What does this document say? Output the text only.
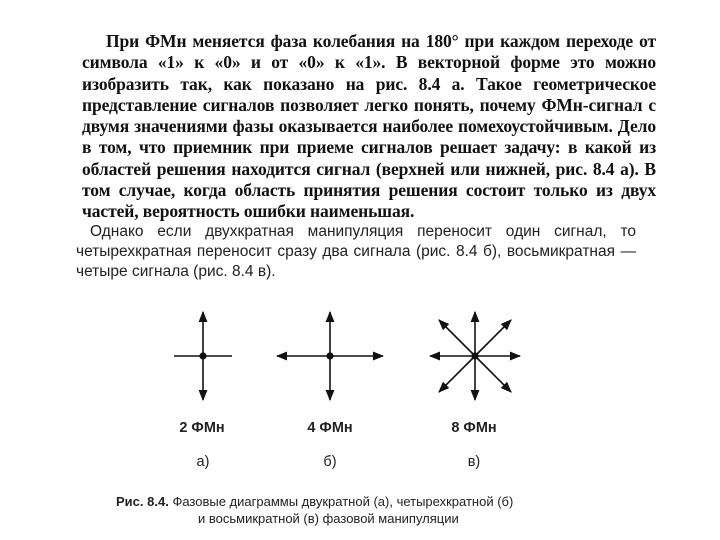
При ФМн меняется фаза колебания на 180° при каждом переходе от символа «1» к «0» и от «0» к «1». В векторной форме это можно изобразить так, как показано на рис. 8.4 а. Такое геометрическое представление сигналов позволяет легко понять, почему ФМн-сигнал с двумя значениями фазы оказывается наиболее помехоустойчивым. Дело в том, что приемник при приеме сигналов решает задачу: в какой из областей решения находится сигнал (верхней или нижней, рис. 8.4 а). В том случае, когда область принятия решения состоит только из двух частей, вероятность ошибки наименьшая.
Однако если двухкратная манипуляция переносит один сигнал, то четырехкратная переносит сразу два сигнала (рис. 8.4 б), восьмикратная — четыре сигнала (рис. 8.4 в).
2 ФМн
а)
4 ФМн
б)
8 ФМн
в)
Рис. 8.4. Фазовые диаграммы двукратной (а), четырехкратной (б)
и восьмикратной (в) фазовой манипуляции
